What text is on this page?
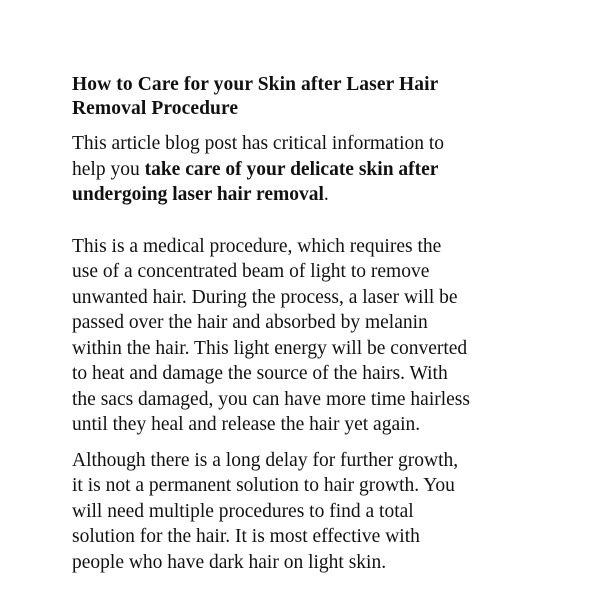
How to Care for your Skin after Laser Hair
Removal Procedure

This article blog post has critical information to
help you take care of your delicate skin after
undergoing laser hair removal.

This is a medical procedure, which requires the
use of a concentrated beam of light to remove
unwanted hair. During the process, a laser will be
passed over the hair and absorbed by melanin
within the hair. This light energy will be converted
to heat and damage the source of the hairs. With
the sacs damaged, you can have more time hairless
until they heal and release the hair yet again.

Although there is a long delay for further growth,
it is not a permanent solution to hair growth. You
will need multiple procedures to find a total
solution for the hair. It is most effective with
people who have dark hair on light skin.
